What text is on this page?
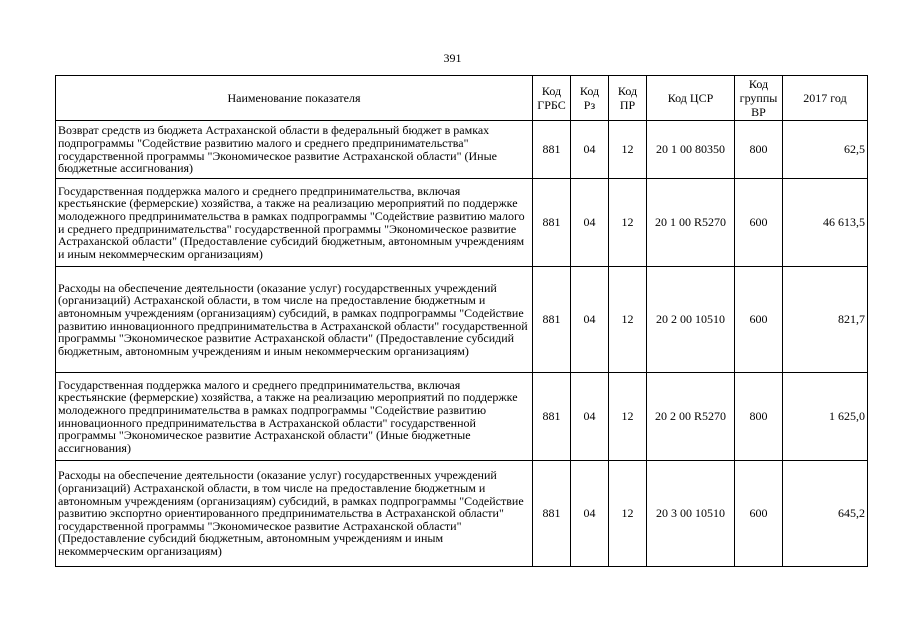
391
Наименование показателя	Код ГРБС	Код Рз	Код ПР	Код ЦСР	Код группы ВР	2017 год
Возврат средств из бюджета Астраханской области в федеральный бюджет в рамках подпрограммы "Содействие развитию малого и среднего предпринимательства" государственной программы "Экономическое развитие Астраханской области" (Иные бюджетные ассигнования)	881	04	12	20 1 00 80350	800	62,5
Государственная поддержка малого и среднего предпринимательства, включая крестьянские (фермерские) хозяйства, а также на реализацию мероприятий по поддержке молодежного предпринимательства в рамках подпрограммы "Содействие развитию малого и среднего предпринимательства" государственной программы "Экономическое развитие Астраханской области" (Предоставление субсидий бюджетным, автономным учреждениям и иным некоммерческим организациям)	881	04	12	20 1 00 R5270	600	46 613,5
Расходы на обеспечение деятельности (оказание услуг) государственных учреждений (организаций) Астраханской области, в том числе на предоставление бюджетным и автономным учреждениям (организациям) субсидий, в рамках подпрограммы "Содействие развитию инновационного предпринимательства в Астраханской области" государственной программы "Экономическое развитие Астраханской области" (Предоставление субсидий бюджетным, автономным учреждениям и иным некоммерческим организациям)	881	04	12	20 2 00 10510	600	821,7
Государственная поддержка малого и среднего предпринимательства, включая крестьянские (фермерские) хозяйства, а также на реализацию мероприятий по поддержке молодежного предпринимательства в рамках подпрограммы "Содействие развитию инновационного предпринимательства в Астраханской области" государственной программы "Экономическое развитие Астраханской области" (Иные бюджетные ассигнования)	881	04	12	20 2 00 R5270	800	1 625,0
Расходы на обеспечение деятельности (оказание услуг) государственных учреждений (организаций) Астраханской области, в том числе на предоставление бюджетным и автономным учреждениям (организациям) субсидий, в рамках подпрограммы "Содействие развитию экспортно ориентированного предпринимательства в Астраханской области" государственной программы "Экономическое развитие Астраханской области" (Предоставление субсидий бюджетным, автономным учреждениям и иным некоммерческим организациям)	881	04	12	20 3 00 10510	600	645,2
